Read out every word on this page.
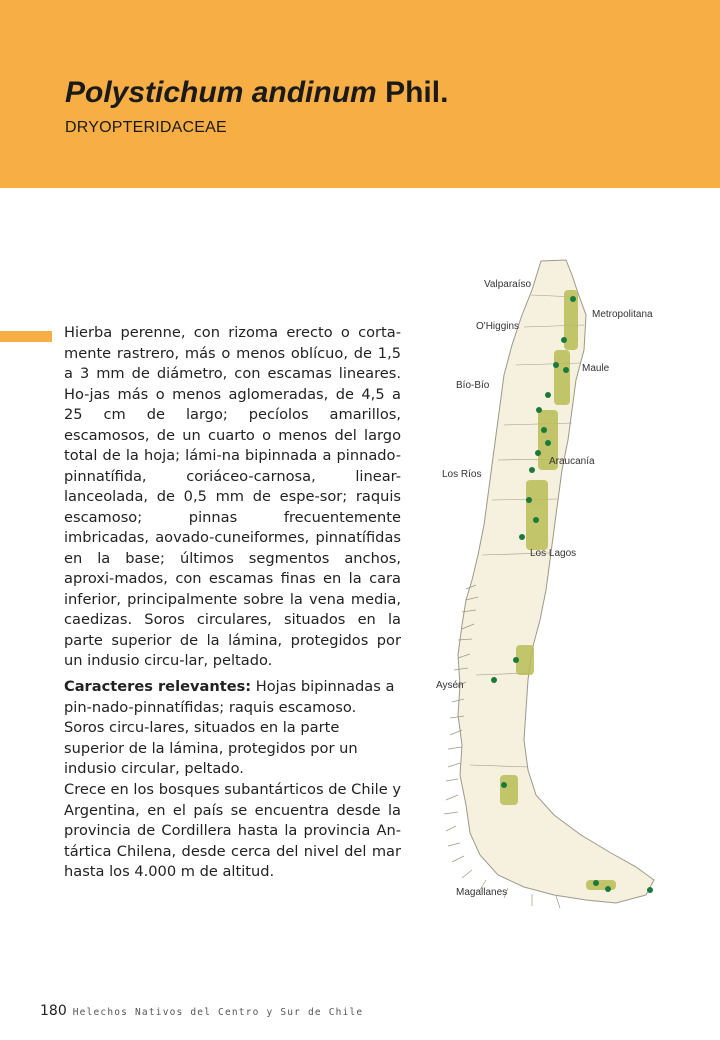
Polystichum andinum Phil.
DRYOPTERIDACEAE

Hierba perenne, con rizoma erecto o corta-mente rastrero, más o menos oblícuo, de 1,5 a 3 mm de diámetro, con escamas lineares. Ho-jas más o menos aglomeradas, de 4,5 a 25 cm de largo; pecíolos amarillos, escamosos, de un cuarto o menos del largo total de la hoja; lámi-na bipinnada a pinnado-pinnatífida, coriáceo-carnosa, linear-lanceolada, de 0,5 mm de espe-sor; raquis escamoso; pinnas frecuentemente imbricadas, aovado-cuneiformes, pinnatífidas en la base; últimos segmentos anchos, aproxi-mados, con escamas finas en la cara inferior, principalmente sobre la vena media, caedizas. Soros circulares, situados en la parte superior de la lámina, protegidos por un indusio circu-lar, peltado.

Caracteres relevantes: Hojas bipinnadas a pin-nado-pinnatífidas; raquis escamoso. Soros circu-lares, situados en la parte superior de la lámina, protegidos por un indusio circular, peltado.

Crece en los bosques subantárticos de Chile y Argentina, en el país se encuentra desde la provincia de Cordillera hasta la provincia An-tártica Chilena, desde cerca del nivel del mar hasta los 4.000 m de altitud.

Valparaíso
Metropolitana
O'Higgins
Maule
Bío-Bío
Araucanía
Los Ríos
Los Lagos
Aysén
Magallanes
180 Helechos Nativos del Centro y Sur de Chile
